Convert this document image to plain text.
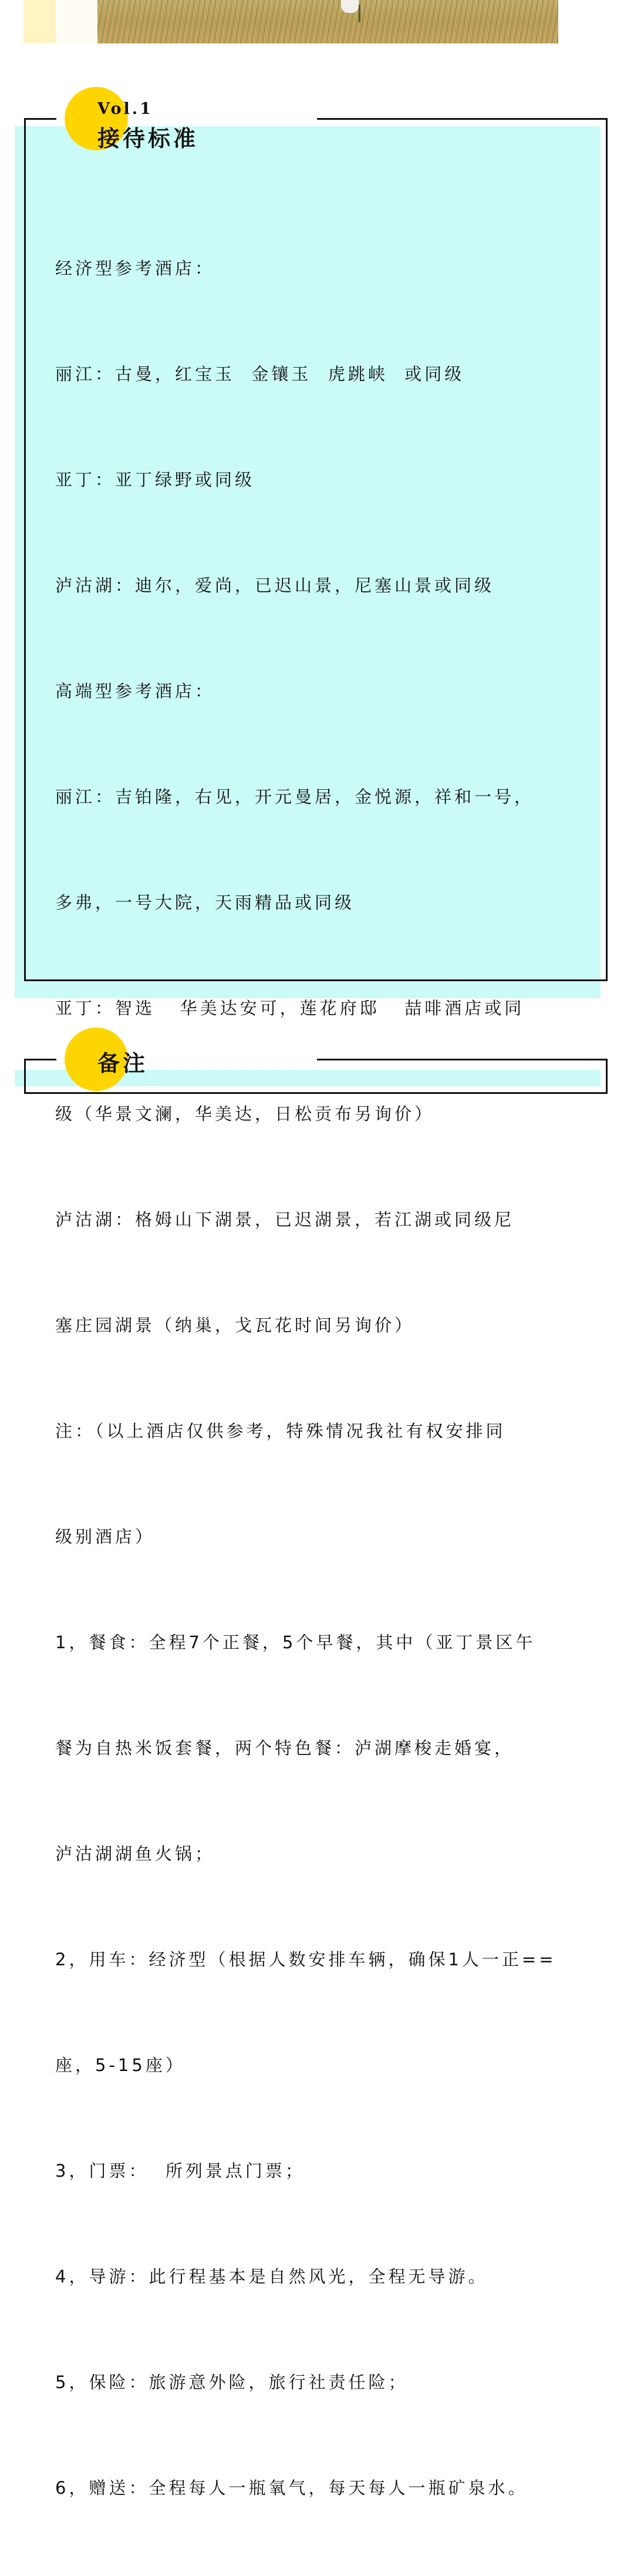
Vol.1
接待标准

经济型参考酒店：

丽江：古曼，红宝玉  金镶玉  虎跳峡  或同级

亚丁：亚丁绿野或同级

泸沽湖：迪尔，爱尚，已迟山景，尼塞山景或同级

高端型参考酒店：

丽江：吉铂隆，右见，开元曼居，金悦源，祥和一号，

多弗，一号大院，天雨精品或同级

亚丁：智选   华美达安可，莲花府邸   喆啡酒店或同

级（华景文澜，华美达，日松贡布另询价）

泸沽湖：格姆山下湖景，已迟湖景，若江湖或同级尼

塞庄园湖景（纳巢，戈瓦花时间另询价）

注：（以上酒店仅供参考，特殊情况我社有权安排同

级别酒店）

1，餐食：全程7个正餐，5个早餐，其中（亚丁景区午

餐为自热米饭套餐，两个特色餐：泸湖摩梭走婚宴，

泸沽湖湖鱼火锅；

2，用车：经济型（根据人数安排车辆，确保1人一正==

座，5-15座）

3，门票：  所列景点门票；

4，导游：此行程基本是自然风光，全程无导游。

5，保险：旅游意外险，旅行社责任险；

6，赠送：全程每人一瓶氧气，每天每人一瓶矿泉水。

备注
